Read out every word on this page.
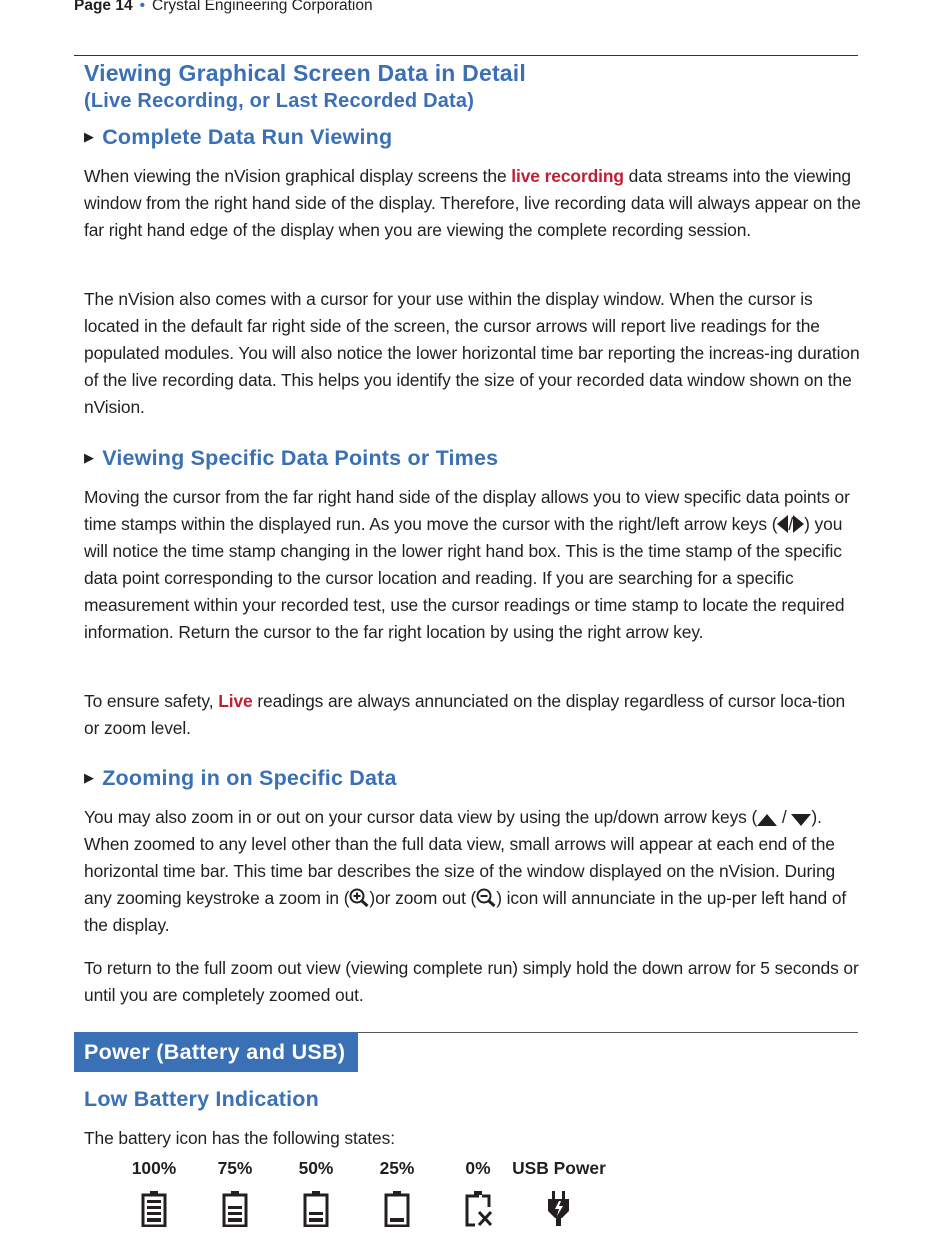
Page 14 • Crystal Engineering Corporation
Viewing Graphical Screen Data in Detail
(Live Recording, or Last Recorded Data)
▶ Complete Data Run Viewing

When viewing the nVision graphical display screens the live recording data streams into the viewing window from the right hand side of the display. Therefore, live recording data will always appear on the far right hand edge of the display when you are viewing the complete recording session.

The nVision also comes with a cursor for your use within the display window. When the cursor is located in the default far right side of the screen, the cursor arrows will report live readings for the populated modules. You will also notice the lower horizontal time bar reporting the increas-ing duration of the live recording data. This helps you identify the size of your recorded data window shown on the nVision.

▶ Viewing Specific Data Points or Times

Moving the cursor from the far right hand side of the display allows you to view specific data points or time stamps within the displayed run. As you move the cursor with the right/left arrow keys ( / ) you will notice the time stamp changing in the lower right hand box. This is the time stamp of the specific data point corresponding to the cursor location and reading. If you are searching for a specific measurement within your recorded test, use the cursor readings or time stamp to locate the required information. Return the cursor to the far right location by using the right arrow key.

To ensure safety, Live readings are always annunciated on the display regardless of cursor loca-tion or zoom level.

▶ Zooming in on Specific Data

You may also zoom in or out on your cursor data view by using the up/down arrow keys ( / ). When zoomed to any level other than the full data view, small arrows will appear at each end of the horizontal time bar. This time bar describes the size of the window displayed on the nVision. During any zooming keystroke a zoom in ( )or zoom out ( ) icon will annunciate in the up-per left hand of the display.

To return to the full zoom out view (viewing complete run) simply hold the down arrow for 5 seconds or until you are completely zoomed out.

Power (Battery and USB)
Low Battery Indication

The battery icon has the following states:

100%	75%	50%	25%	0%	USB Power
